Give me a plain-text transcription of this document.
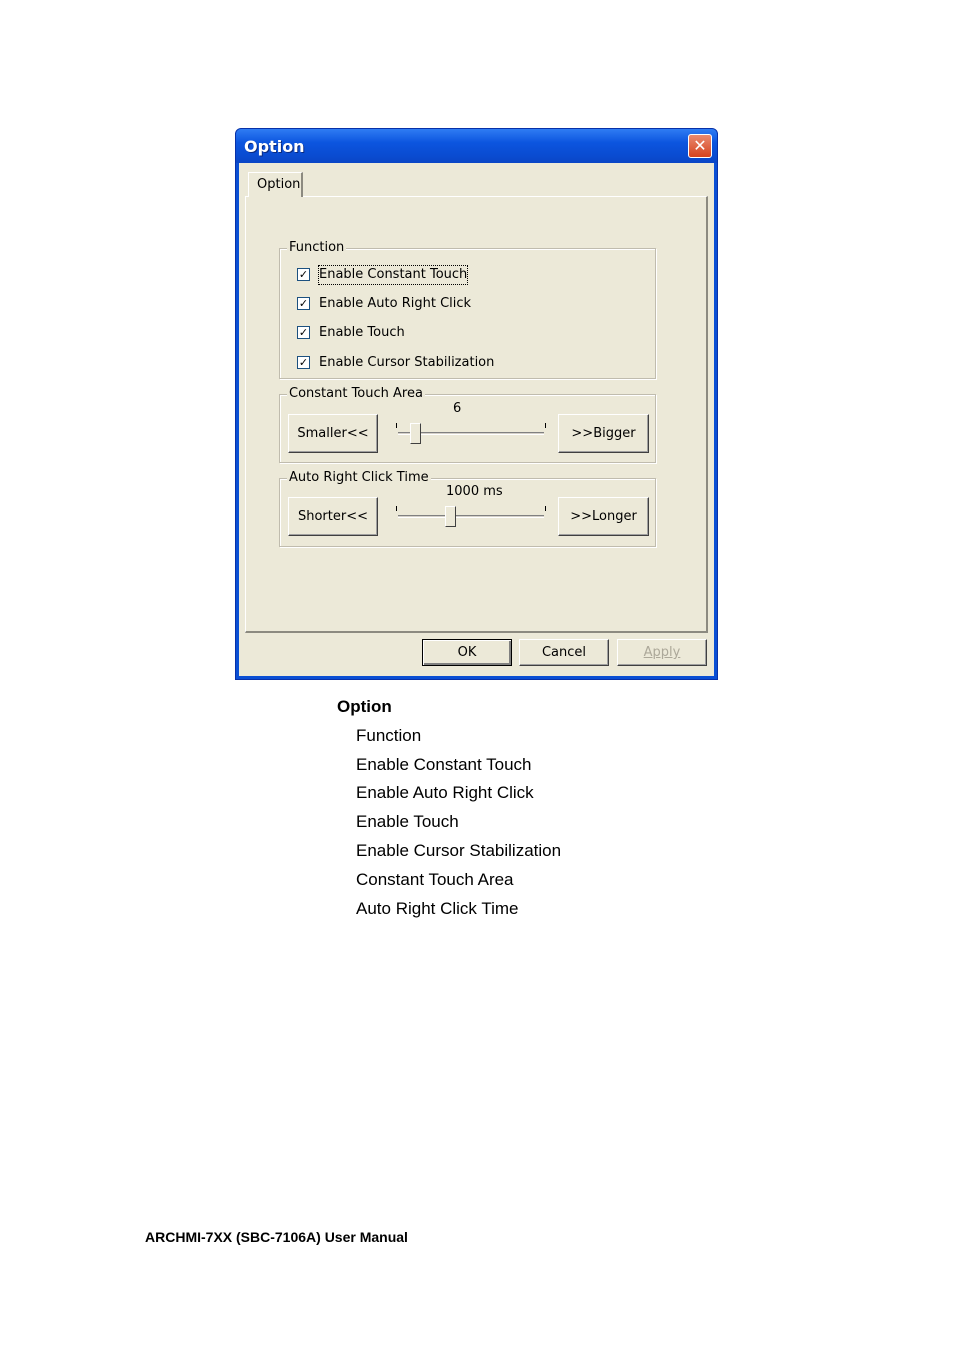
Option	✕
Option
Function
✓ Enable Constant Touch
✓ Enable Auto Right Click
✓ Enable Touch
✓ Enable Cursor Stabilization
Constant Touch Area
Smaller<<
6
>>Bigger
Auto Right Click Time
Shorter<<
1000 ms
>>Longer
OK	Cancel	Apply
Option
Function
Enable Constant Touch
Enable Auto Right Click
Enable Touch
Enable Cursor Stabilization
Constant Touch Area
Auto Right Click Time
ARCHMI-7XX (SBC-7106A) User Manual
